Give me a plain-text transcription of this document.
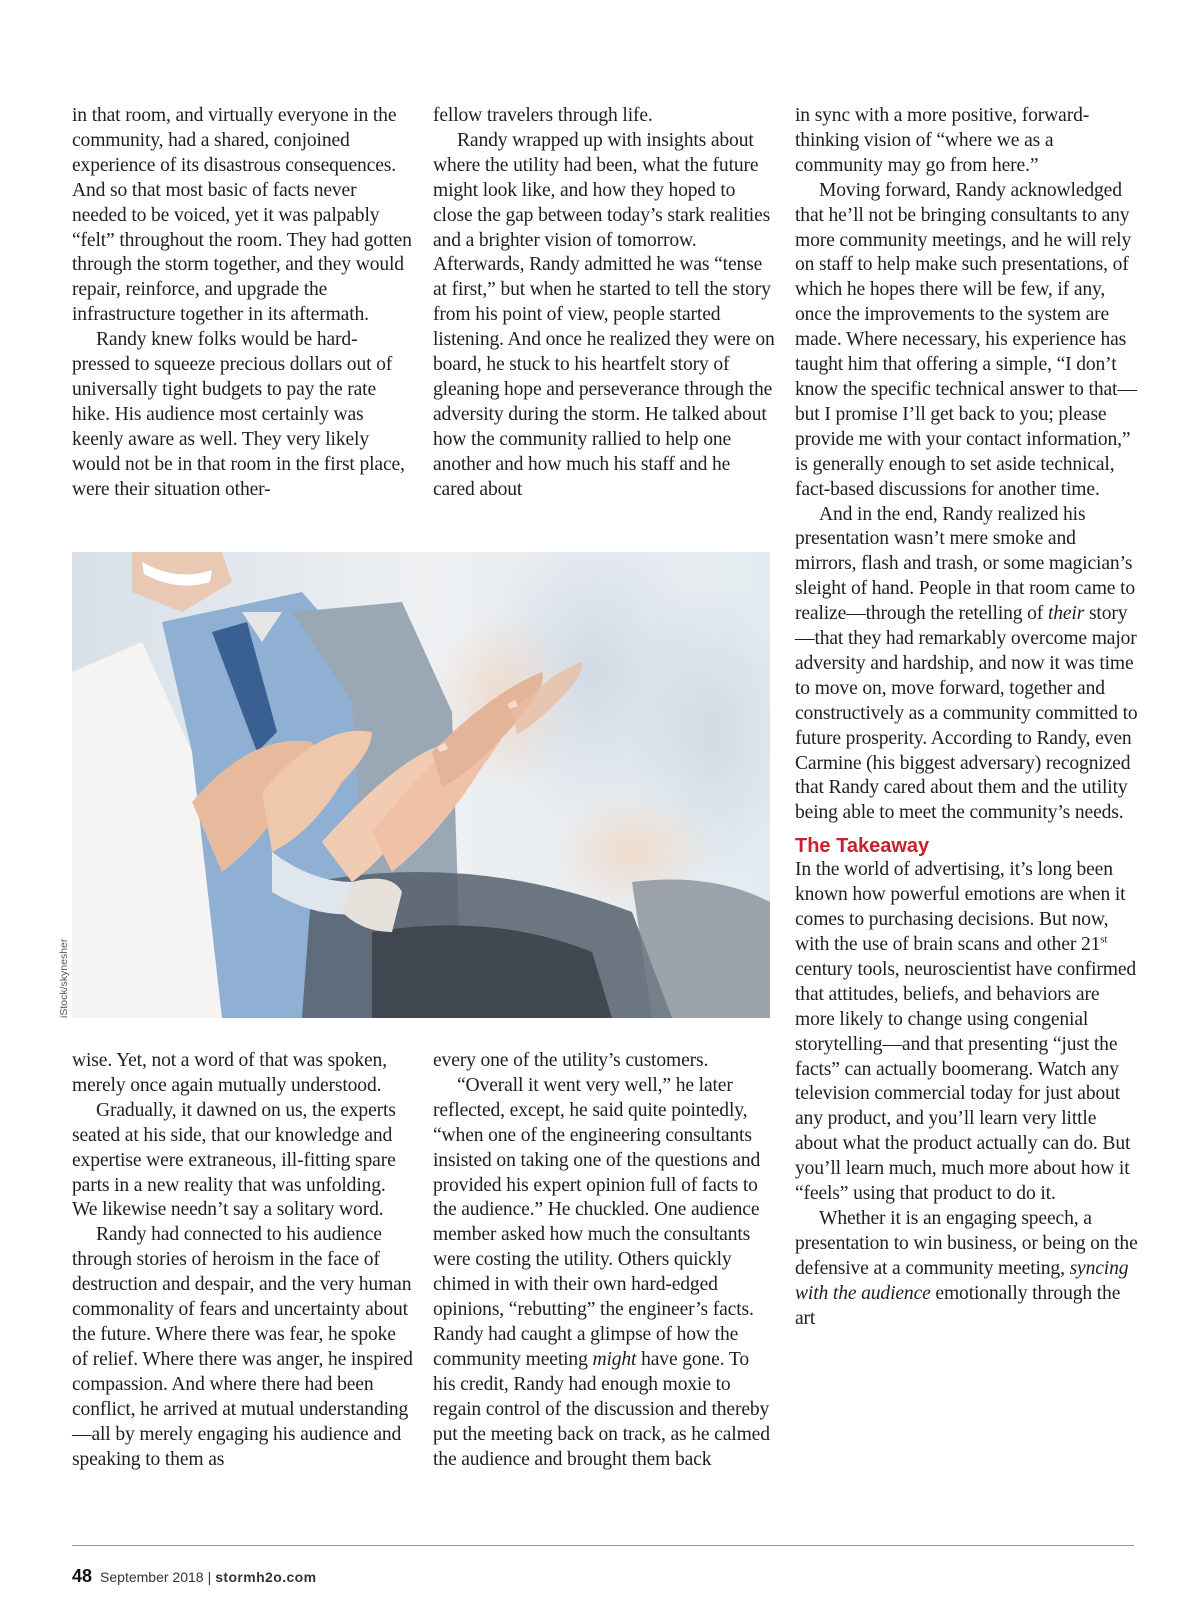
in that room, and virtually everyone in the community, had a shared, conjoined experience of its disastrous consequences. And so that most basic of facts never needed to be voiced, yet it was palpably “felt” throughout the room. They had gotten through the storm together, and they would repair, reinforce, and upgrade the infrastructure together in its aftermath.

Randy knew folks would be hard-pressed to squeeze precious dollars out of universally tight budgets to pay the rate hike. His audience most certainly was keenly aware as well. They very likely would not be in that room in the first place, were their situation other-

fellow travelers through life.

Randy wrapped up with insights about where the utility had been, what the future might look like, and how they hoped to close the gap between today’s stark realities and a brighter vision of tomorrow. Afterwards, Randy admitted he was “tense at first,” but when he started to tell the story from his point of view, people started listening. And once he realized they were on board, he stuck to his heartfelt story of gleaning hope and perseverance through the adversity during the storm. He talked about how the community rallied to help one another and how much his staff and he cared about

in sync with a more positive, forward-thinking vision of “where we as a community may go from here.”

Moving forward, Randy acknowledged that he’ll not be bringing consultants to any more community meetings, and he will rely on staff to help make such presentations, of which he hopes there will be few, if any, once the improvements to the system are made. Where necessary, his experience has taught him that offering a simple, “I don’t know the specific technical answer to that—but I promise I’ll get back to you; please provide me with your contact information,” is generally enough to set aside technical, fact-based discussions for another time.

And in the end, Randy realized his presentation wasn’t mere smoke and mirrors, flash and trash, or some magician’s sleight of hand. People in that room came to realize—through the retelling of their story—that they had remarkably overcome major adversity and hardship, and now it was time to move on, move forward, together and constructively as a community committed to future prosperity. According to Randy, even Carmine (his biggest adversary) recognized that Randy cared about them and the utility being able to meet the community’s needs.

The Takeaway

In the world of advertising, it’s long been known how powerful emotions are when it comes to purchasing decisions. But now, with the use of brain scans and other 21st century tools, neuroscientist have confirmed that attitudes, beliefs, and behaviors are more likely to change using congenial storytelling—and that presenting “just the facts” can actually boomerang. Watch any television commercial today for just about any product, and you’ll learn very little about what the product actually can do. But you’ll learn much, much more about how it “feels” using that product to do it.

Whether it is an engaging speech, a presentation to win business, or being on the defensive at a community meeting, syncing with the audience emotionally through the art

iStock/skynesher

wise. Yet, not a word of that was spoken, merely once again mutually understood.

Gradually, it dawned on us, the experts seated at his side, that our knowledge and expertise were extraneous, ill-fitting spare parts in a new reality that was unfolding. We likewise needn’t say a solitary word.

Randy had connected to his audience through stories of heroism in the face of destruction and despair, and the very human commonality of fears and uncertainty about the future. Where there was fear, he spoke of relief. Where there was anger, he inspired compassion. And where there had been conflict, he arrived at mutual understanding—all by merely engaging his audience and speaking to them as

every one of the utility’s customers.

“Overall it went very well,” he later reflected, except, he said quite pointedly, “when one of the engineering consultants insisted on taking one of the questions and provided his expert opinion full of facts to the audience.” He chuckled. One audience member asked how much the consultants were costing the utility. Others quickly chimed in with their own hard-edged opinions, “rebutting” the engineer’s facts. Randy had caught a glimpse of how the community meeting might have gone. To his credit, Randy had enough moxie to regain control of the discussion and thereby put the meeting back on track, as he calmed the audience and brought them back

48 September 2018 | stormh2o.com
